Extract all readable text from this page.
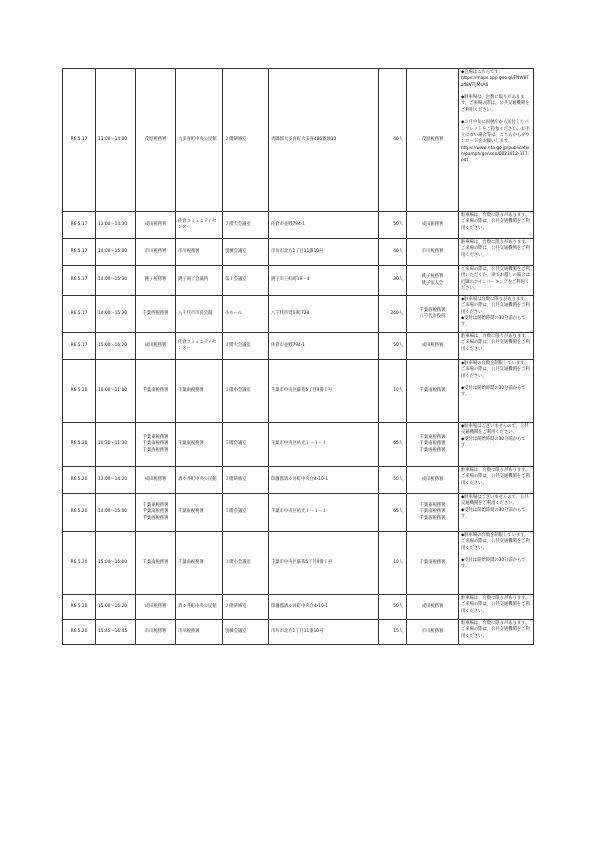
R6.5.17	13:00～14:00	茂原税務署	大多喜町中央公民館	２階研修室	夷隅郡大多喜町大多喜486番地10	40人	茂原税務署	◆会場はこちらです。
https://maps.app.goo.gl/FNW8Tzd8ViTjMsA6

◆駐車場は、台数に限りがあります。ご来場の際は、公共交通機関をご利用ください。

◆３月中旬に国税庁から送付したパンフレットをご持参ください。お手元にない場合等は、こちらからダウンロードをお願いします。
https://www.nta.go.jp/publication/pamph/gensen/0023012-317.pdf
R6.5.17	13:00～14:30	成田税務署	佐倉コミュニティセンター	２階大会議室	佐倉市並野794-1	50人	成田税務署	駐車場は、台数に限りがあります。ご来場の際は、公共交通機関をご利用ください。
R6.5.17	14:00～15:00	市川税務署	市川税務署	別棟会議室	市川市北方1丁目11番10号	40人	市川税務署	駐車場は、台数に限りがあります。ご来場の際は、公共交通機関をご利用ください。
R6.5.17	14:00～15:30	銚子税務署	銚子商工会議所	第１会議室	銚子市三軒町19－4	30人	銚子税務署
銚子法人会	ご来場の際は、公共交通機関をご利用いただくか、車でお越しの場合は近隣のコインパーキングをご利用ください。
R6.5.17	14:00～15:30	千葉西税務署	八千代市市民会館	小ホール	八千代市萱田町728	240人	千葉西税務署
八千代市役所	◆駐車場は台数に限りがあります。ご来場の際は、公共交通機関をご利用ください。
◆受付は開始時間の30分前からです。
R6.5.17	15:00～16:20	成田税務署	佐倉コミュニティセンター	２階大会議室	佐倉市並野794-1	50人	成田税務署	駐車場は、台数に限りがあります。ご来場の際は、公共交通機関をご利用ください。
R6.5.20	10:00～11:00	千葉南税務署	千葉南税務署	３階小会議室	千葉市中央区蘇我5丁目9番１号	10人	千葉南税務署	◆駐車場の台数を制限しています。ご来場の際は、公共交通機関をご利用ください。

◆受付は開始時間の30分前からです。
R6.5.20	10:30～11:30	千葉東税務署
千葉南税務署
千葉西税務署	千葉東税務署	５階会議室	千葉市中央区祐光１－１－１	65人	千葉東税務署
千葉南税務署
千葉西税務署	◆駐車場はございませんので、公共交通機関をご利用ください。
◆受付は開始時間の30分前からです。
R6.5.20	13:00～14:20	成田税務署	酒々井町中央公民館	２階研修室	印旛郡酒々井町中央台4-10-1	50人	成田税務署	駐車場は、台数に限りがあります。ご来場の際は、公共交通機関をご利用ください。
R6.5.20	14:00～15:00	千葉東税務署
千葉南税務署
千葉西税務署	千葉東税務署	５階会議室	千葉市中央区祐光１－１－１	65人	千葉東税務署
千葉南税務署
千葉西税務署	◆駐車場はございませんので、公共交通機関をご利用ください。
◆受付は開始時間の30分前からです。
R6.5.20	15:00～16:00	千葉南税務署	千葉南税務署	３階小会議室	千葉市中央区蘇我5丁目9番１号	10人	千葉南税務署	◆駐車場の台数を制限しています。ご来場の際は、公共交通機関をご利用ください。

◆受付は開始時間の30分前からです。
R6.5.20	15:00～16:20	成田税務署	酒々井町中央公民館	２階研修室	印旛郡酒々井町中央台4-10-1	50人	成田税務署	駐車場は、台数に限りがあります。ご来場の際は、公共交通機関をご利用ください。
R6.5.20	15:45～16:45	市川税務署	市川税務署	別棟会議室	市川市北方1丁目11番10号	15人	市川税務署	駐車場は、台数に限りがあります。ご来場の際は、公共交通機関をご利用ください。
